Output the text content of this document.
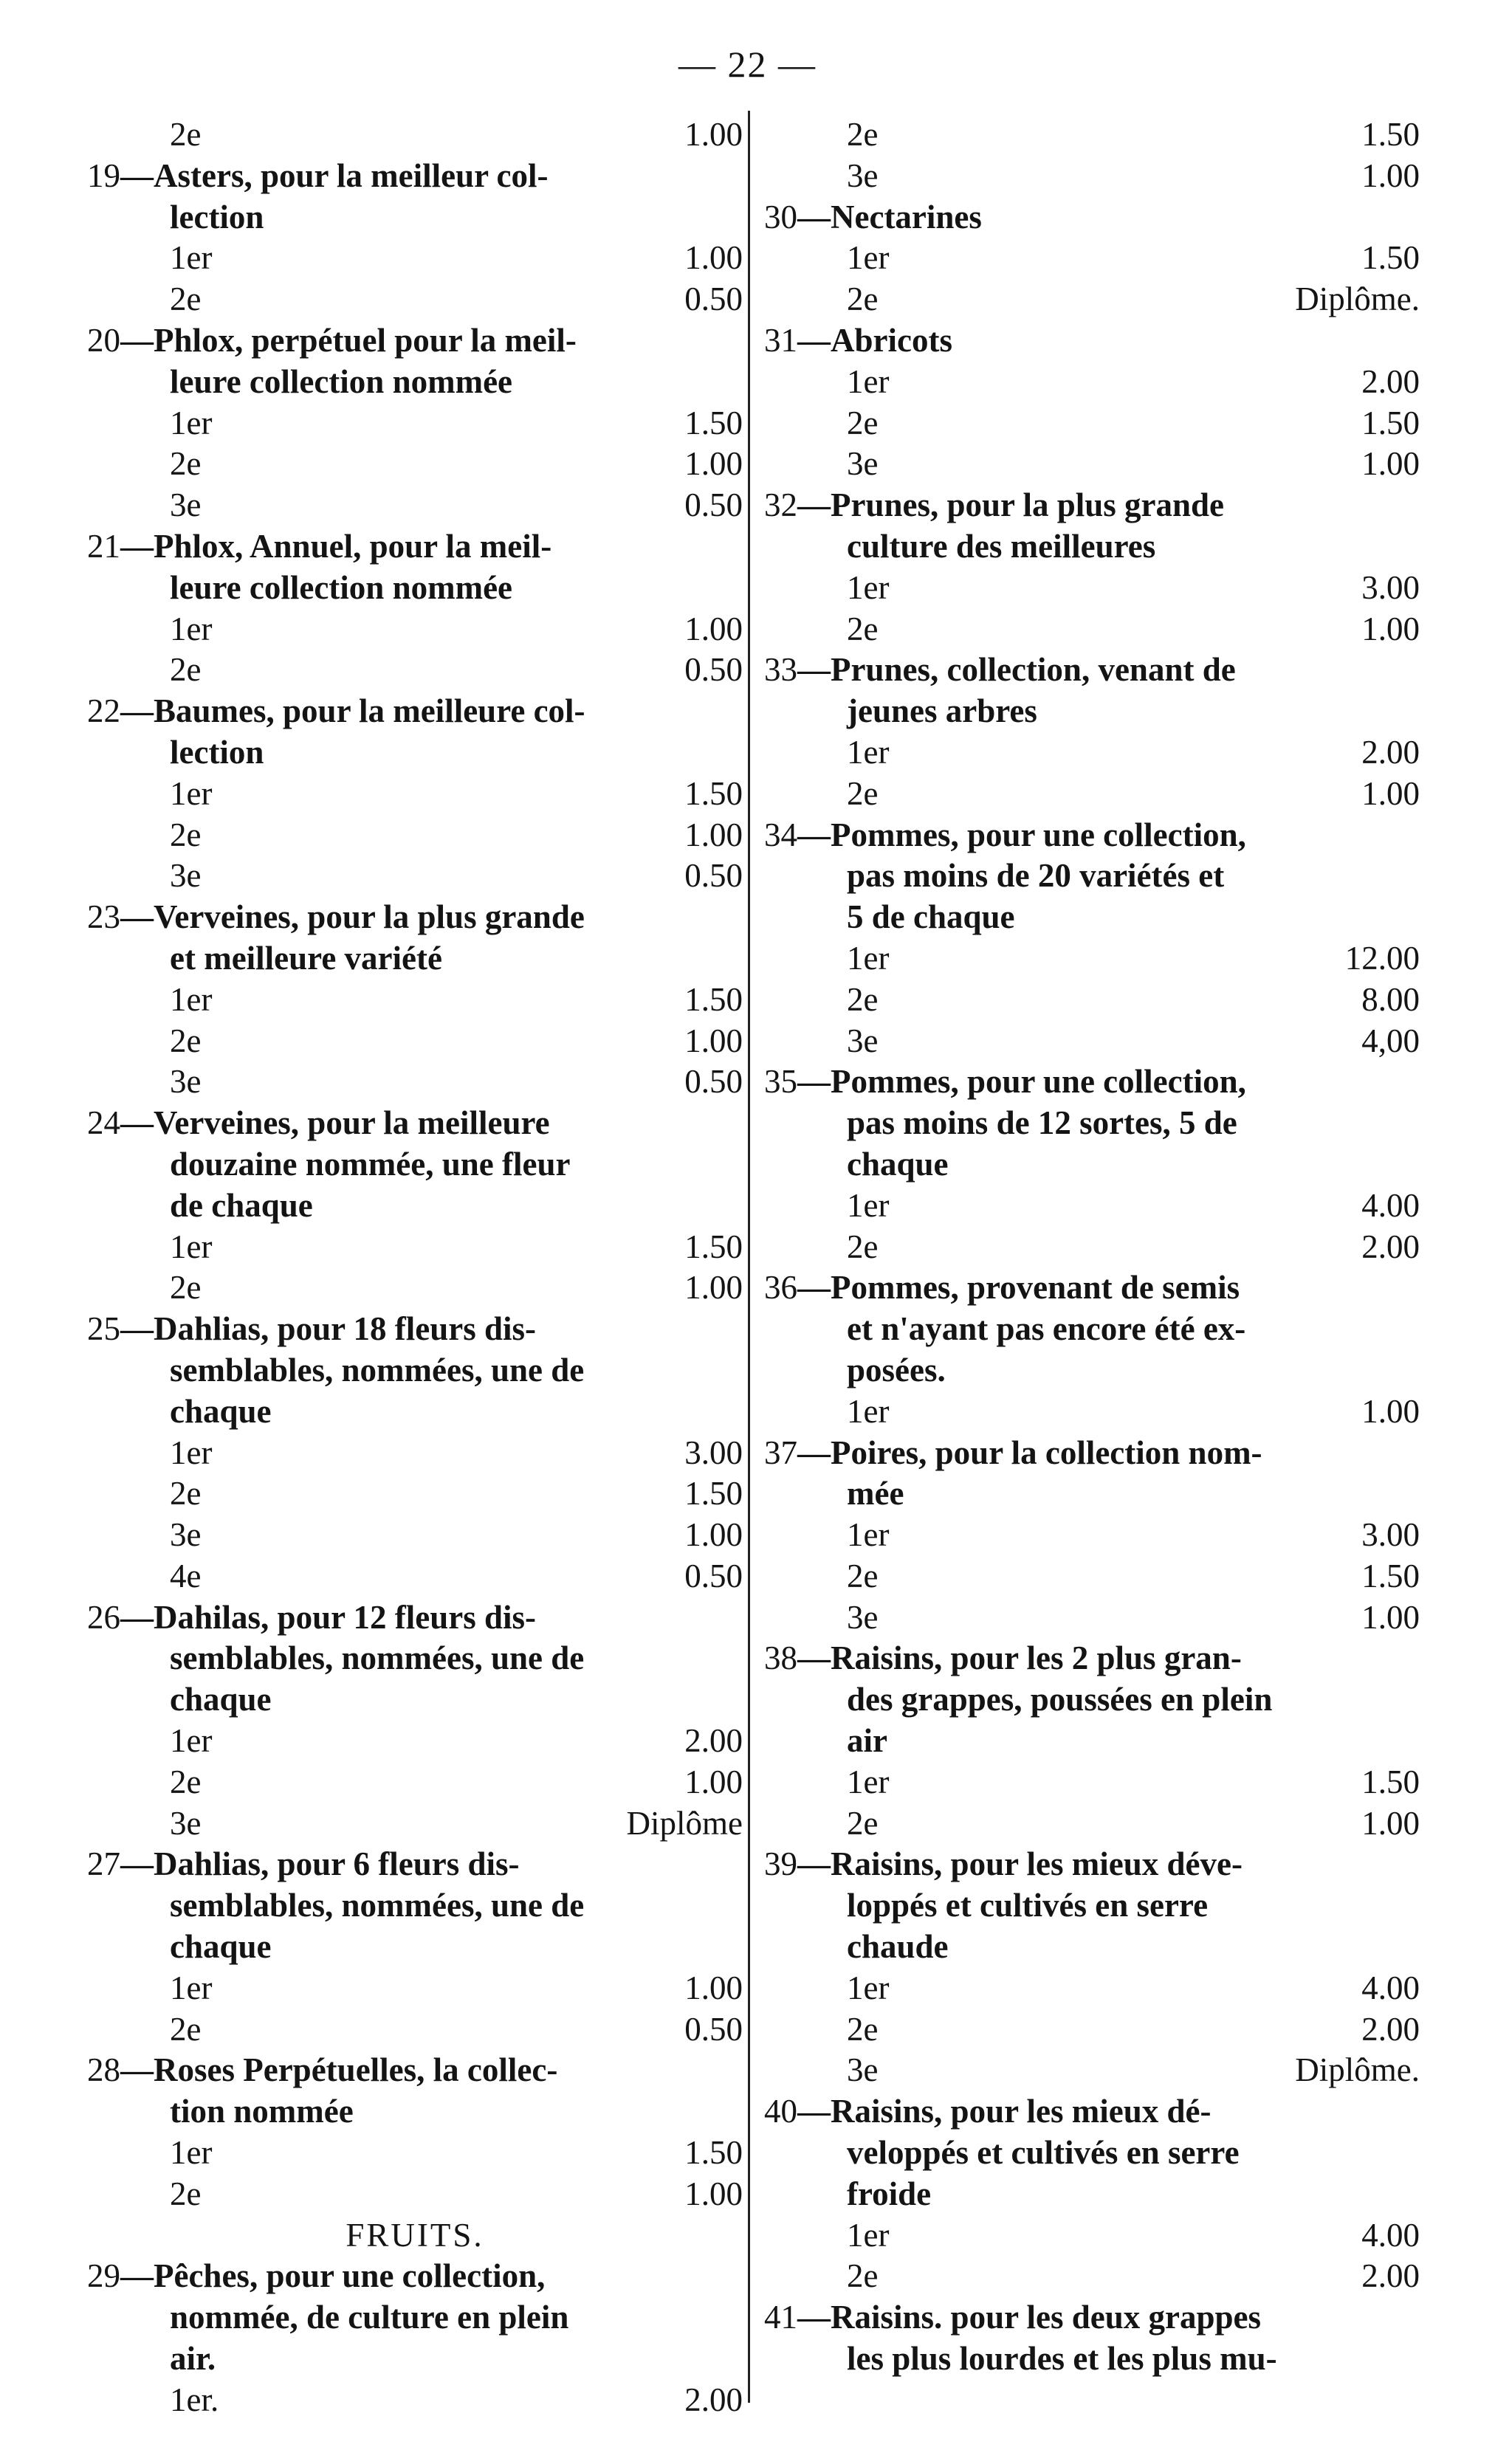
— 22 —
2e	1.00
19—Asters, pour la meilleur col-
lection
1er	1.00
2e	0.50
20—Phlox, perpétuel pour la meil-
leure collection nommée
1er	1.50
2e	1.00
3e	0.50
21—Phlox, Annuel, pour la meil-
leure collection nommée
1er	1.00
2e	0.50
22—Baumes, pour la meilleure col-
lection
1er	1.50
2e	1.00
3e	0.50
23—Verveines, pour la plus grande
et meilleure variété
1er	1.50
2e	1.00
3e	0.50
24—Verveines, pour la meilleure
douzaine nommée, une fleur
de chaque
1er	1.50
2e	1.00
25—Dahlias, pour 18 fleurs dis-
semblables, nommées, une de
chaque
1er	3.00
2e	1.50
3e	1.00
4e	0.50
26—Dahilas, pour 12 fleurs dis-
semblables, nommées, une de
chaque
1er	2.00
2e	1.00
3e	Diplôme
27—Dahlias, pour 6 fleurs dis-
semblables, nommées, une de
chaque
1er	1.00
2e	0.50
28—Roses Perpétuelles, la collec-
tion nommée
1er	1.50
2e	1.00
FRUITS.
29—Pêches, pour une collection,
nommée, de culture en plein
air.
1er.	2.00
2e	1.50
3e	1.00
30—Nectarines
1er	1.50
2e	Diplôme.
31—Abricots
1er	2.00
2e	1.50
3e	1.00
32—Prunes, pour la plus grande
culture des meilleures
1er	3.00
2e	1.00
33—Prunes, collection, venant de
jeunes arbres
1er	2.00
2e	1.00
34—Pommes, pour une collection,
pas moins de 20 variétés et
5 de chaque
1er	12.00
2e	8.00
3e	4,00
35—Pommes, pour une collection,
pas moins de 12 sortes, 5 de
chaque
1er	4.00
2e	2.00
36—Pommes, provenant de semis
et n'ayant pas encore été ex-
posées.
1er	1.00
37—Poires, pour la collection nom-
mée
1er	3.00
2e	1.50
3e	1.00
38—Raisins, pour les 2 plus gran-
des grappes, poussées en plein
air
1er	1.50
2e	1.00
39—Raisins, pour les mieux déve-
loppés et cultivés en serre
chaude
1er	4.00
2e	2.00
3e	Diplôme.
40—Raisins, pour les mieux dé-
veloppés et cultivés en serre
froide
1er	4.00
2e	2.00
41—Raisins. pour les deux grappes
les plus lourdes et les plus mu-
